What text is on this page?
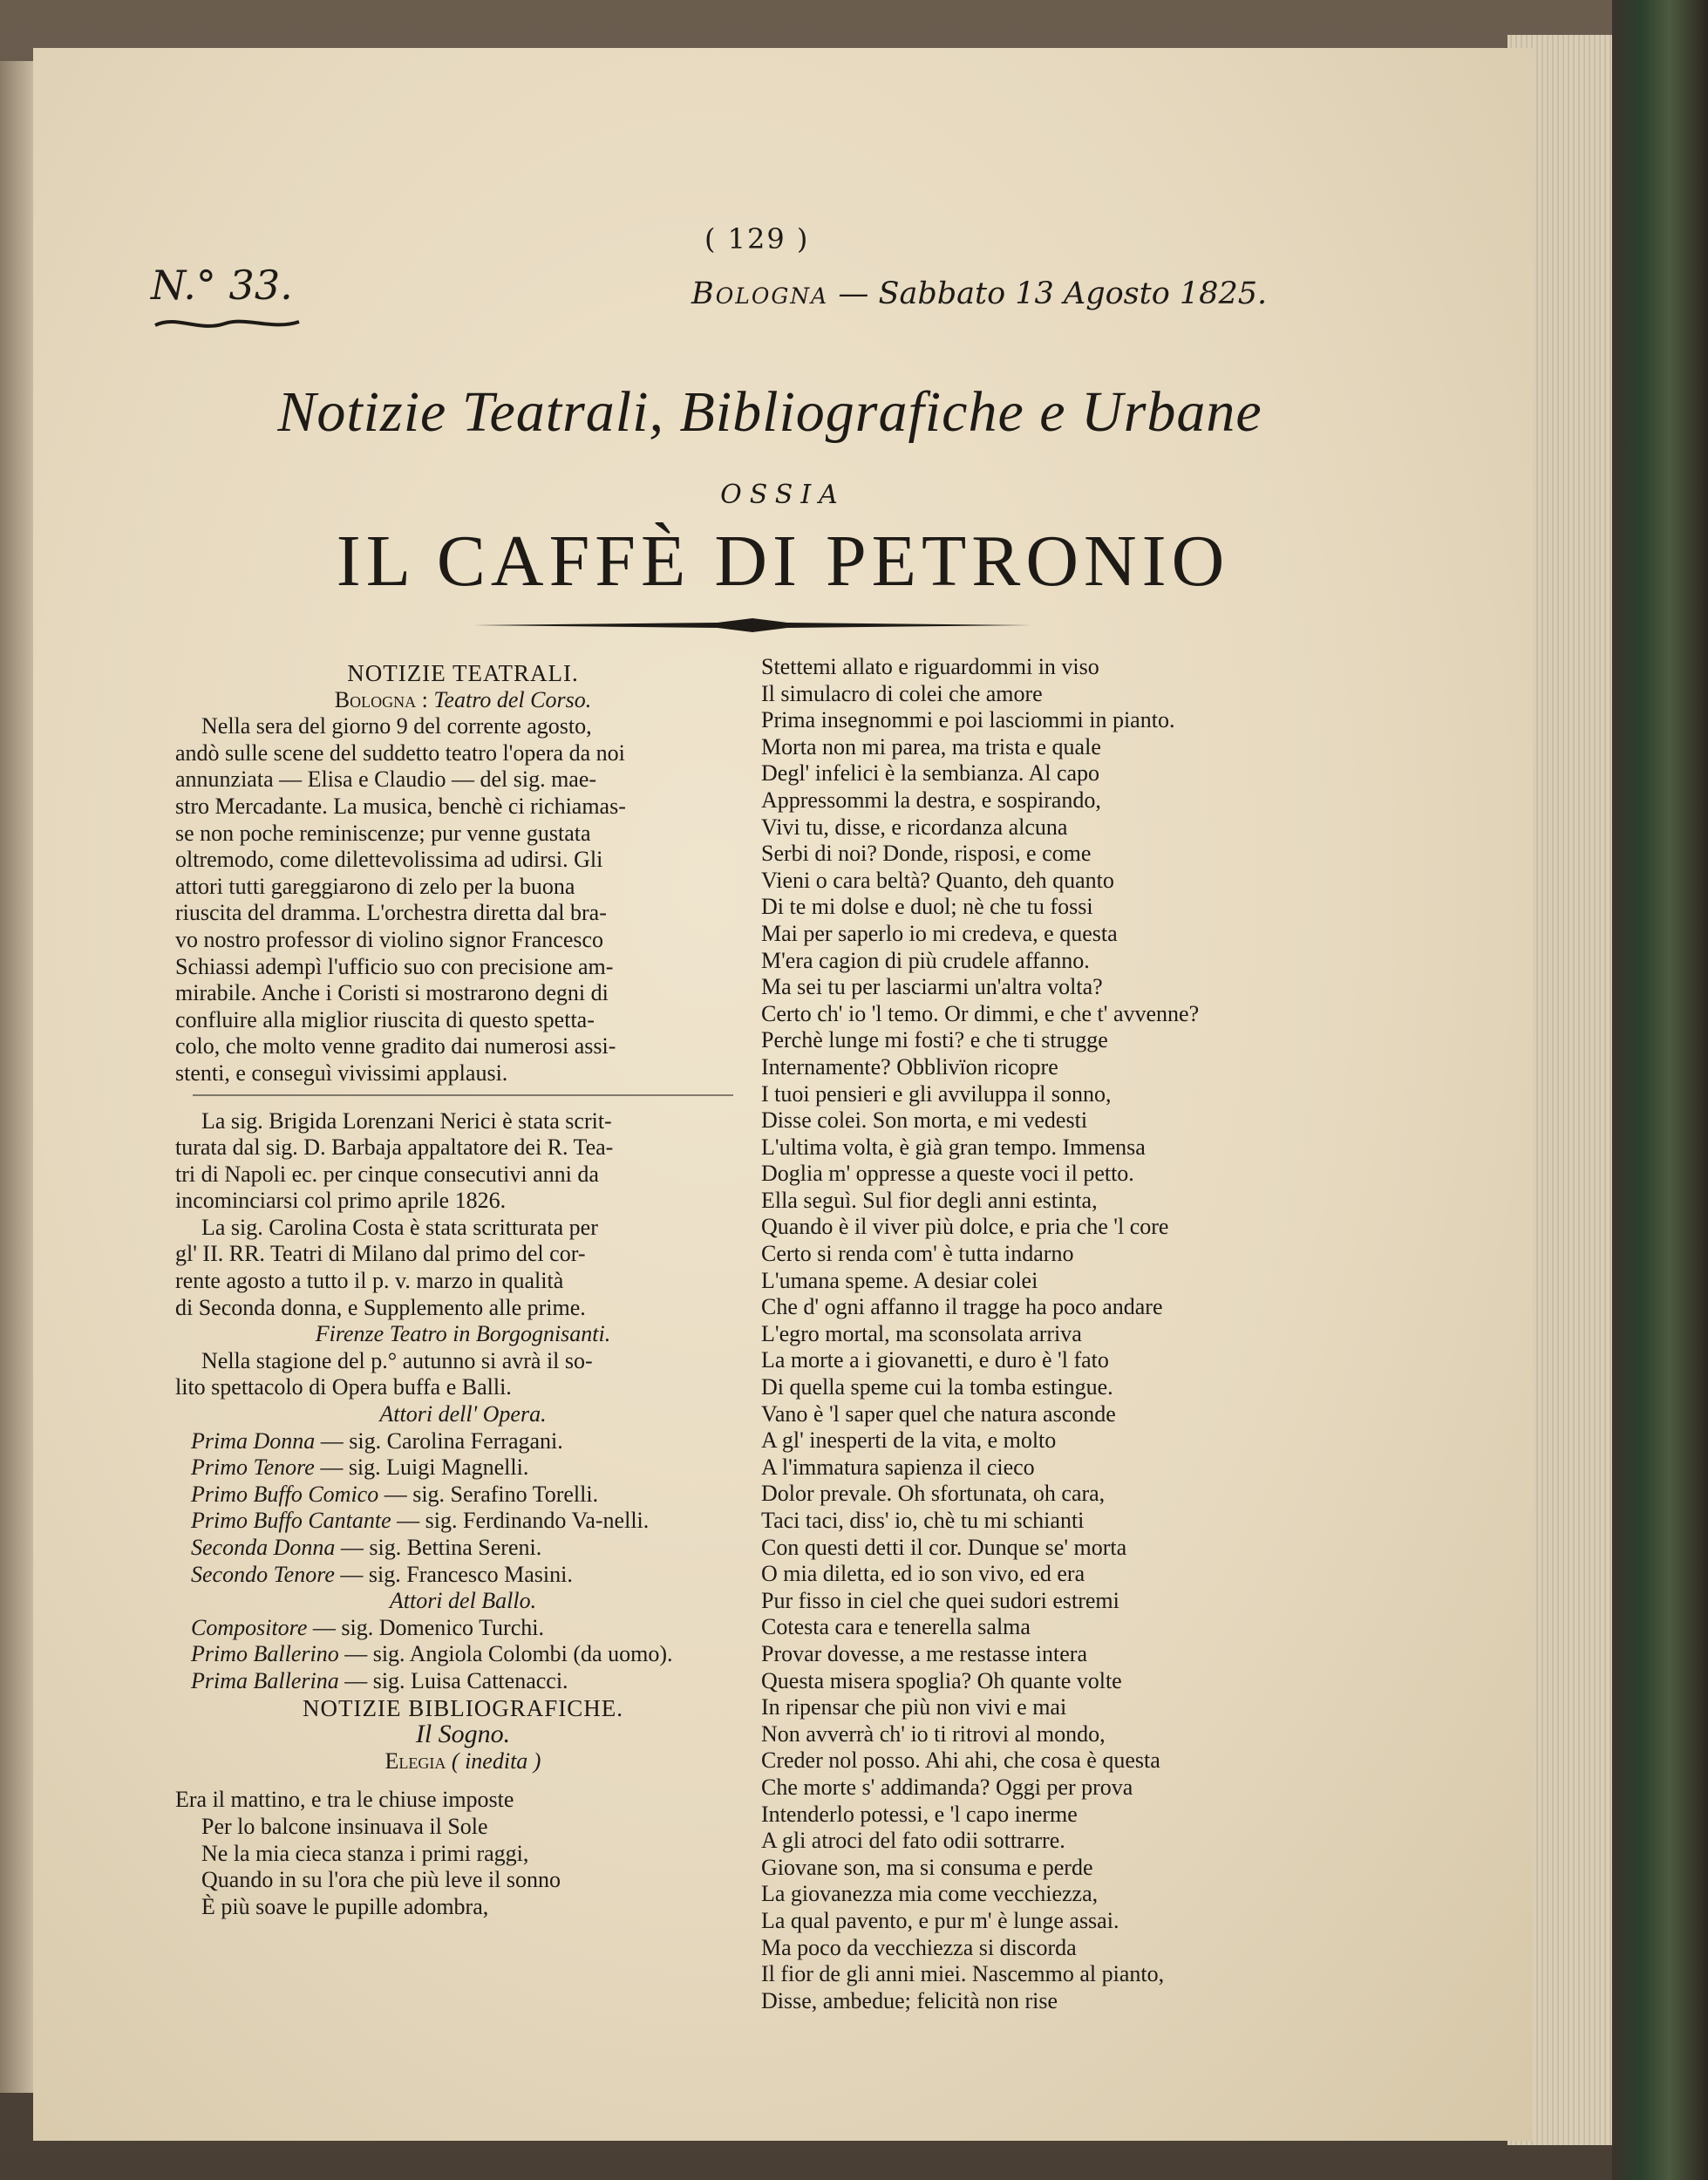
( 129 )
N.° 33.	Bologna — Sabbato 13 Agosto 1825.
Notizie Teatrali, Bibliografiche e Urbane
OSSIA
IL CAFFÈ DI PETRONIO
NOTIZIE TEATRALI.
Bologna : Teatro del Corso.
Nella sera del giorno 9 del corrente agosto,
andò sulle scene del suddetto teatro l'opera da noi
annunziata — Elisa e Claudio — del sig. mae-
stro Mercadante. La musica, benchè ci richiamas-
se non poche reminiscenze; pur venne gustata
oltremodo, come dilettevolissima ad udirsi. Gli
attori tutti gareggiarono di zelo per la buona
riuscita del dramma. L'orchestra diretta dal bra-
vo nostro professor di violino signor Francesco
Schiassi adempì l'ufficio suo con precisione am-
mirabile. Anche i Coristi si mostrarono degni di
confluire alla miglior riuscita di questo spetta-
colo, che molto venne gradito dai numerosi assi-
stenti, e conseguì vivissimi applausi.
La sig. Brigida Lorenzani Nerici è stata scrit-
turata dal sig. D. Barbaja appaltatore dei R. Tea-
tri di Napoli ec. per cinque consecutivi anni da
incominciarsi col primo aprile 1826.
La sig. Carolina Costa è stata scritturata per
gl' II. RR. Teatri di Milano dal primo del cor-
rente agosto a tutto il p. v. marzo in qualità
di Seconda donna, e Supplemento alle prime.
Firenze Teatro in Borgognisanti.
Nella stagione del p.° autunno si avrà il so-
lito spettacolo di Opera buffa e Balli.
Attori dell' Opera.
Prima Donna — sig. Carolina Ferragani.
Primo Tenore — sig. Luigi Magnelli.
Primo Buffo Comico — sig. Serafino Torelli.
Primo Buffo Cantante — sig. Ferdinando Va-nelli.
Seconda Donna — sig. Bettina Sereni.
Secondo Tenore — sig. Francesco Masini.
Attori del Ballo.
Compositore — sig. Domenico Turchi.
Primo Ballerino — sig. Angiola Colombi (da uomo).
Prima Ballerina — sig. Luisa Cattenacci.
NOTIZIE BIBLIOGRAFICHE.
Il Sogno.
Elegia ( inedita )
Era il mattino, e tra le chiuse imposte
Per lo balcone insinuava il Sole
Ne la mia cieca stanza i primi raggi,
Quando in su l'ora che più leve il sonno
È più soave le pupille adombra,
Stettemi allato e riguardommi in viso
Il simulacro di colei che amore
Prima insegnommi e poi lasciommi in pianto.
Morta non mi parea, ma trista e quale
Degl' infelici è la sembianza. Al capo
Appressommi la destra, e sospirando,
Vivi tu, disse, e ricordanza alcuna
Serbi di noi? Donde, risposi, e come
Vieni o cara beltà? Quanto, deh quanto
Di te mi dolse e duol; nè che tu fossi
Mai per saperlo io mi credeva, e questa
M'era cagion di più crudele affanno.
Ma sei tu per lasciarmi un'altra volta?
Certo ch' io 'l temo. Or dimmi, e che t' avvenne?
Perchè lunge mi fosti? e che ti strugge
Internamente? Obblivïon ricopre
I tuoi pensieri e gli avviluppa il sonno,
Disse colei. Son morta, e mi vedesti
L'ultima volta, è già gran tempo. Immensa
Doglia m' oppresse a queste voci il petto.
Ella seguì. Sul fior degli anni estinta,
Quando è il viver più dolce, e pria che 'l core
Certo si renda com' è tutta indarno
L'umana speme. A desiar colei
Che d' ogni affanno il tragge ha poco andare
L'egro mortal, ma sconsolata arriva
La morte a i giovanetti, e duro è 'l fato
Di quella speme cui la tomba estingue.
Vano è 'l saper quel che natura asconde
A gl' inesperti de la vita, e molto
A l'immatura sapienza il cieco
Dolor prevale. Oh sfortunata, oh cara,
Taci taci, diss' io, chè tu mi schianti
Con questi detti il cor. Dunque se' morta
O mia diletta, ed io son vivo, ed era
Pur fisso in ciel che quei sudori estremi
Cotesta cara e tenerella salma
Provar dovesse, a me restasse intera
Questa misera spoglia? Oh quante volte
In ripensar che più non vivi e mai
Non avverrà ch' io ti ritrovi al mondo,
Creder nol posso. Ahi ahi, che cosa è questa
Che morte s' addimanda? Oggi per prova
Intenderlo potessi, e 'l capo inerme
A gli atroci del fato odii sottrarre.
Giovane son, ma si consuma e perde
La giovanezza mia come vecchiezza,
La qual pavento, e pur m' è lunge assai.
Ma poco da vecchiezza si discorda
Il fior de gli anni miei. Nascemmo al pianto,
Disse, ambedue; felicità non rise
